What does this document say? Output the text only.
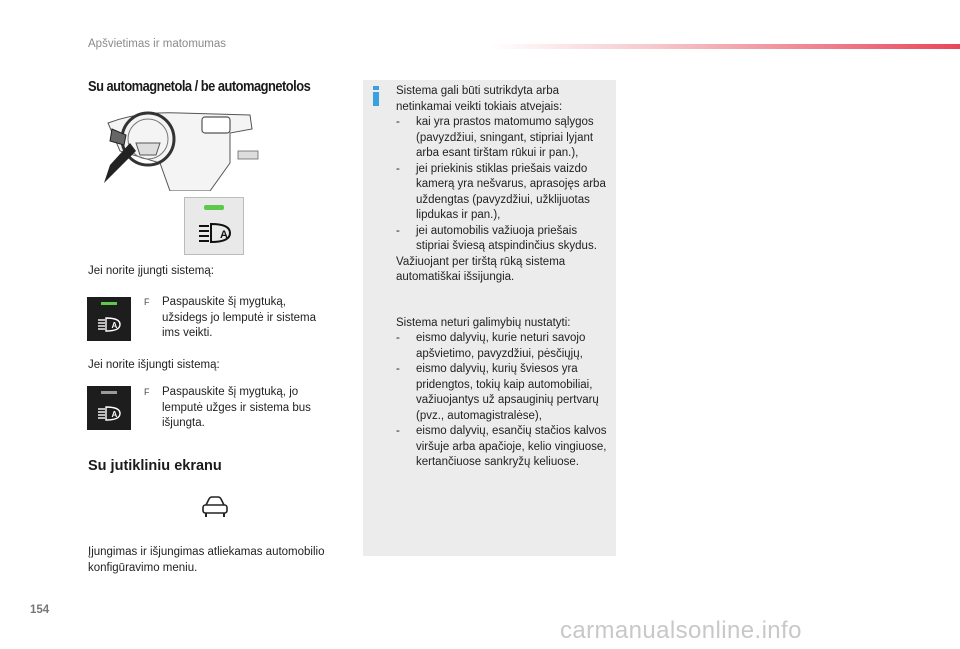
Apšvietimas ir matomumas
Su automagnetola / be automagnetolos
A
Jei norite įjungti sistemą:
A
F	Paspauskite šį mygtuką, užsidegs jo lemputė ir sistema ims veikti.
Jei norite išjungti sistemą:
A
F	Paspauskite šį mygtuką, jo lemputė užges ir sistema bus išjungta.
Su jutikliniu ekranu
Įjungimas ir išjungimas atliekamas automobilio konfigūravimo meniu.
Sistema gali būti sutrikdyta arba netinkamai veikti tokiais atvejais:
- kai yra prastos matomumo sąlygos (pavyzdžiui, sningant, stipriai lyjant arba esant tirštam rūkui ir pan.),
- jei priekinis stiklas priešais vaizdo kamerą yra nešvarus, aprasojęs arba uždengtas (pavyzdžiui, užklijuotas lipdukas ir pan.),
- jei automobilis važiuoja priešais stipriai šviesą atspindinčius skydus.
Važiuojant per tirštą rūką sistema automatiškai išsijungia.
Sistema neturi galimybių nustatyti:
- eismo dalyvių, kurie neturi savojo apšvietimo, pavyzdžiui, pėsčiųjų,
- eismo dalyvių, kurių šviesos yra pridengtos, tokių kaip automobiliai, važiuojantys už apsauginių pertvarų (pvz., automagistralėse),
- eismo dalyvių, esančių stačios kalvos viršuje arba apačioje, kelio vingiuose, kertančiuose sankryžų keliuose.
154
carmanualsonline.info
